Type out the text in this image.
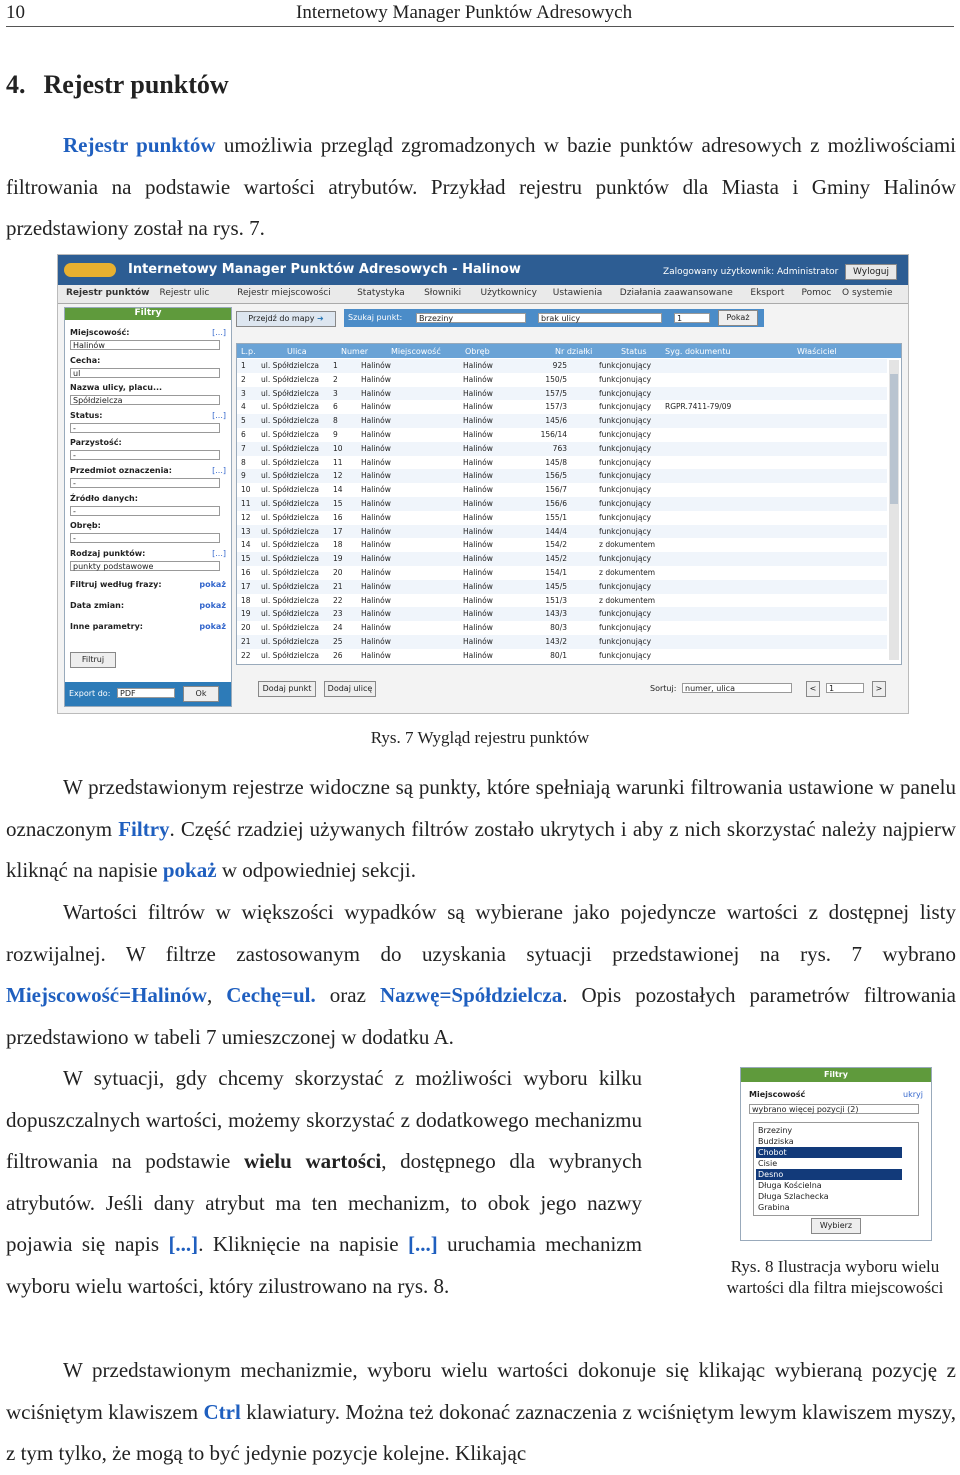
10	Internetowy Manager Punktów Adresowych
4. Rejestr punktów
Rejestr punktów umożliwia przegląd zgromadzonych w bazie punktów adresowych z możliwościami filtrowania na podstawie wartości atrybutów. Przykład rejestru punktów dla Miasta i Gminy Halinów przedstawiony został na rys. 7.
Internetowy Manager Punktów Adresowych - Halinow	Zalogowany użytkownik: Administrator	Wyloguj
Rejestr punktów Rejestr ulic	Rejestr miejscowości	Statystyka Słowniki Użytkownicy Ustawienia Działania zaawansowane Eksport Pomoc O systemie
Filtry
Filtruj
Export do:	PDF	Ok
Miejscowość:	[...]
Halinów
Cecha:
ul
Nazwa ulicy, placu...
Spółdzielcza
Status:	[...]
-
Parzystość:
-
Przedmiot oznaczenia:	[...]
-
Źródło danych:
-
Obręb:
-
Rodzaj punktów:	[...]
punkty podstawowe
Filtruj według frazy:	pokaż
Data zmian:	pokaż
Inne parametry:	pokaż
Przejdź do mapy ➜	Szukaj punkt:	Brzeziny	brak ulicy	1	Pokaż
L.p.	Ulica	Numer	Miejscowość	Obręb	Nr działki	Status Syg. dokumentu	Właściciel
1 ul. Spółdzielcza 1	Halinów	Halinów	925	funkcjonujący
2 ul. Spółdzielcza 2	Halinów	Halinów	150/5	funkcjonujący
3 ul. Spółdzielcza 3	Halinów	Halinów	157/5	funkcjonujący
4 ul. Spółdzielcza 6	Halinów	Halinów	157/3	funkcjonujący RGPR.7411-79/09
5 ul. Spółdzielcza 8	Halinów	Halinów	145/6	funkcjonujący
6 ul. Spółdzielcza 9	Halinów	Halinów	156/14	funkcjonujący
7 ul. Spółdzielcza 10 Halinów	Halinów	763	funkcjonujący
8 ul. Spółdzielcza 11 Halinów	Halinów	145/8	funkcjonujący
9 ul. Spółdzielcza 12 Halinów	Halinów	156/5	funkcjonujący
10 ul. Spółdzielcza 14 Halinów	Halinów	156/7	funkcjonujący
11 ul. Spółdzielcza 15 Halinów	Halinów	156/6	funkcjonujący
12 ul. Spółdzielcza 16 Halinów	Halinów	155/1	funkcjonujący
13 ul. Spółdzielcza 17 Halinów	Halinów	144/4	funkcjonujący
14 ul. Spółdzielcza 18 Halinów	Halinów	154/2	z dokumentem
15 ul. Spółdzielcza 19 Halinów	Halinów	145/2	funkcjonujący
16 ul. Spółdzielcza 20 Halinów	Halinów	154/1	z dokumentem
17 ul. Spółdzielcza 21 Halinów	Halinów	145/5	funkcjonujący
18 ul. Spółdzielcza 22 Halinów	Halinów	151/3	z dokumentem
19 ul. Spółdzielcza 23 Halinów	Halinów	143/3	funkcjonujący
20 ul. Spółdzielcza 24 Halinów	Halinów	80/3	funkcjonujący
21 ul. Spółdzielcza 25 Halinów	Halinów	143/2	funkcjonujący
22 ul. Spółdzielcza 26 Halinów	Halinów	80/1	funkcjonujący
Dodaj punkt	Dodaj ulicę	Sortuj:	numer, ulica	<	1	>
Rys. 7 Wygląd rejestru punktów
W przedstawionym rejestrze widoczne są punkty, które spełniają warunki filtrowania ustawione w panelu oznaczonym Filtry. Część rzadziej używanych filtrów zostało ukrytych i aby z nich skorzystać należy najpierw kliknąć na napisie pokaż w odpowiedniej sekcji.
Wartości filtrów w większości wypadków są wybierane jako pojedyncze wartości z dostępnej listy rozwijalnej. W filtrze zastosowanym do uzyskania sytuacji przedstawionej na rys. 7 wybrano Miejscowość=Halinów, Cechę=ul. oraz Nazwę=Spółdzielcza. Opis pozostałych parametrów filtrowania przedstawiono w tabeli 7 umieszczonej w dodatku A.
W sytuacji, gdy chcemy skorzystać z możliwości wyboru kilku dopuszczalnych wartości, możemy skorzystać z dodatkowego mechanizmu filtrowania na podstawie wielu wartości, dostępnego dla wybranych atrybutów. Jeśli dany atrybut ma ten mechanizm, to obok jego nazwy pojawia się napis [...]. Kliknięcie na napisie [...] uruchamia mechanizm wyboru wielu wartości, który zilustrowano na rys. 8.
Filtry
Miejscowość	ukryj
wybrano więcej pozycji (2)
Brzeziny
Budziska
Chobot
Cisie
Desno
Długa Kościelna
Długa Szlachecka
Grabina
Wybierz
Rys. 8 Ilustracja wyboru wielu
wartości dla filtra miejscowości
W przedstawionym mechanizmie, wyboru wielu wartości dokonuje się klikając wybieraną pozycję z wciśniętym klawiszem Ctrl klawiatury. Można też dokonać zaznaczenia z wciśniętym lewym klawiszem myszy, z tym tylko, że mogą to być jedynie pozycje kolejne. Klikając
